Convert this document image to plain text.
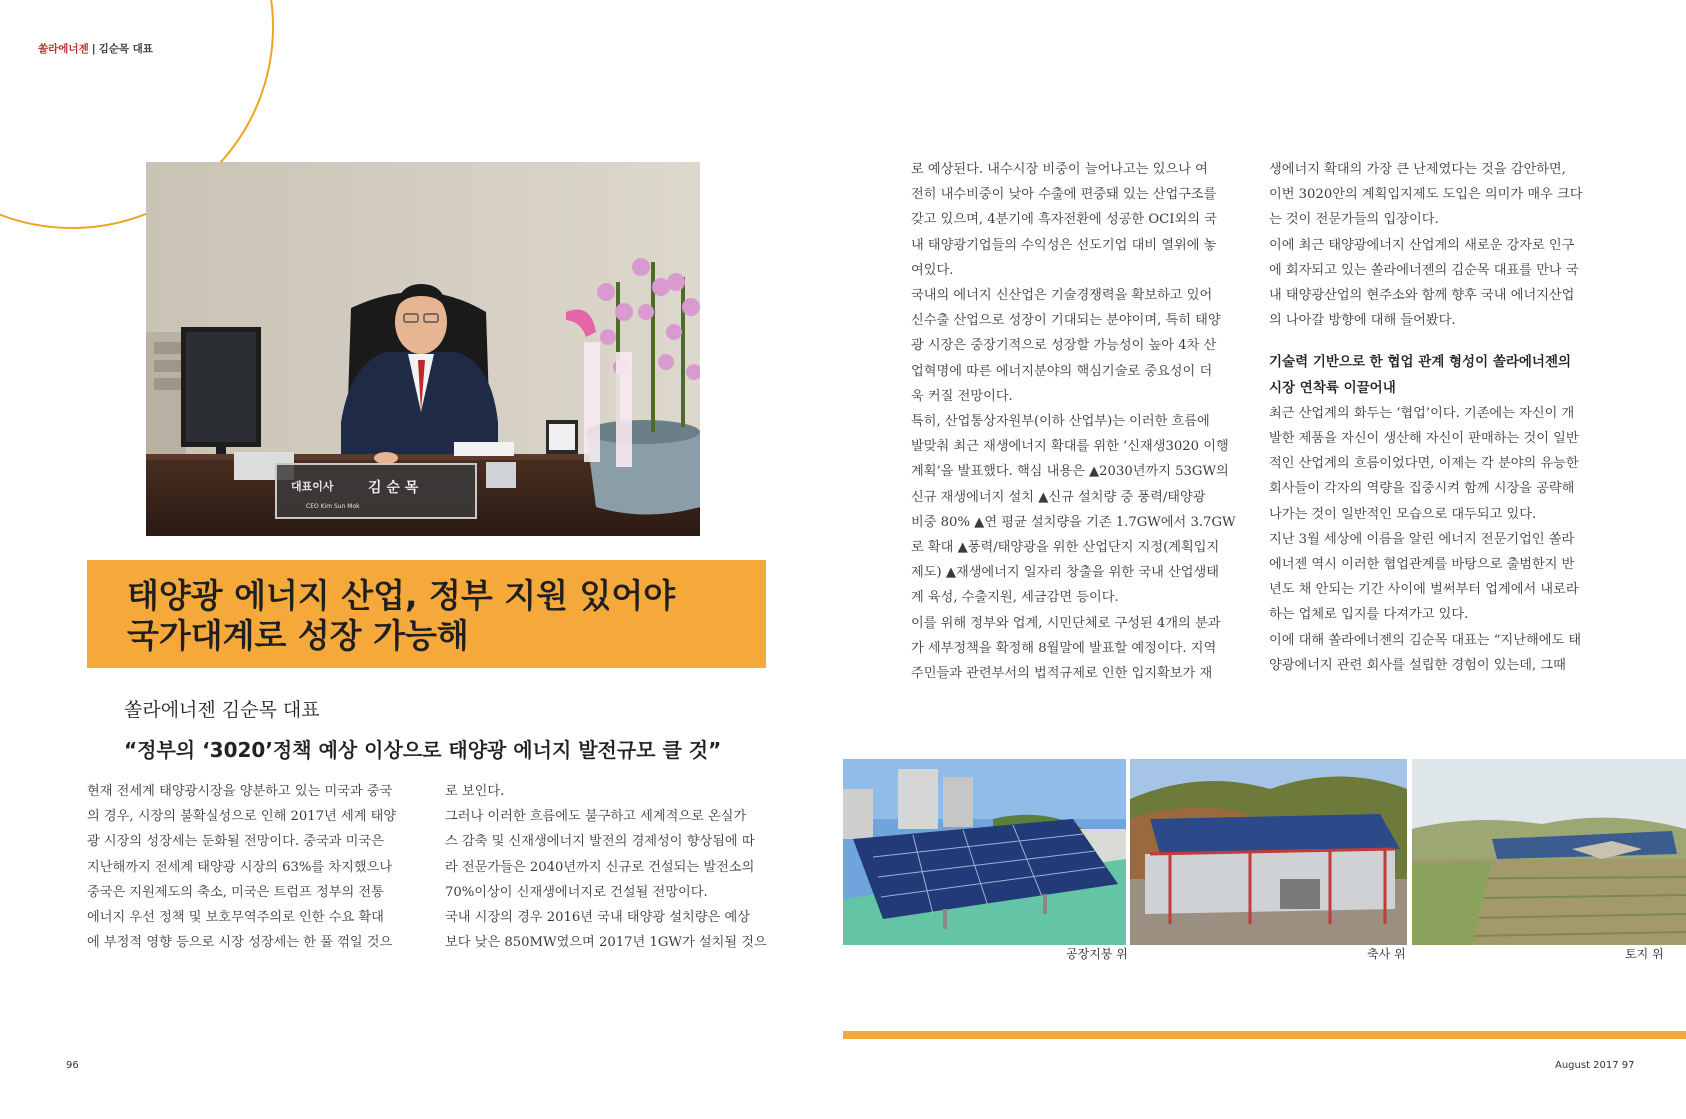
쏠라에너젠 | 김순목 대표
대표이사 김 순 목
CEO Kim Sun Mok
태양광 에너지 산업, 정부 지원 있어야
국가대계로 성장 가능해
쏠라에너젠 김순목 대표
“정부의 ‘3020’정책 예상 이상으로 태양광 에너지 발전규모 클 것”

현재 전세계 태양광시장을 양분하고 있는 미국과 중국

의 경우, 시장의 불확실성으로 인해 2017년 세계 태양

광 시장의 성장세는 둔화될 전망이다. 중국과 미국은

지난해까지 전세계 태양광 시장의 63%를 차지했으나

중국은 지원제도의 축소, 미국은 트럼프 정부의 전통

에너지 우선 정책 및 보호무역주의로 인한 수요 확대

에 부정적 영향 등으로 시장 성장세는 한 풀 꺾일 것으

로 보인다.

그러나 이러한 흐름에도 불구하고 세계적으로 온실가

스 감축 및 신재생에너지 발전의 경제성이 향상됨에 따

라 전문가들은 2040년까지 신규로 건설되는 발전소의

70%이상이 신재생에너지로 건설될 전망이다.

국내 시장의 경우 2016년 국내 태양광 설치량은 예상

보다 낮은 850MW였으며 2017년 1GW가 설치될 것으

로 예상된다. 내수시장 비중이 늘어나고는 있으나 여

전히 내수비중이 낮아 수출에 편중돼 있는 산업구조를

갖고 있으며, 4분기에 흑자전환에 성공한 OCI외의 국

내 태양광기업들의 수익성은 선도기업 대비 열위에 놓

여있다.

국내의 에너지 신산업은 기술경쟁력을 확보하고 있어

신수출 산업으로 성장이 기대되는 분야이며, 특히 태양

광 시장은 중장기적으로 성장할 가능성이 높아 4차 산

업혁명에 따른 에너지분야의 핵심기술로 중요성이 더

욱 커질 전망이다.

특히, 산업통상자원부(이하 산업부)는 이러한 흐름에

발맞춰 최근 재생에너지 확대를 위한 ‘신재생3020 이행

계획’을 발표했다. 핵심 내용은 ▲2030년까지 53GW의

신규 재생에너지 설치 ▲신규 설치량 중 풍력/태양광

비중 80% ▲연 평균 설치량을 기존 1.7GW에서 3.7GW

로 확대 ▲풍력/태양광을 위한 산업단지 지정(계획입지

제도) ▲재생에너지 일자리 창출을 위한 국내 산업생태

계 육성, 수출지원, 세금감면 등이다.

이를 위해 정부와 업계, 시민단체로 구성된 4개의 분과

가 세부정책을 확정해 8월말에 발표할 예정이다. 지역

주민들과 관련부서의 법적규제로 인한 입지확보가 재

생에너지 확대의 가장 큰 난제였다는 것을 감안하면,

이번 3020안의 계획입지제도 도입은 의미가 매우 크다

는 것이 전문가들의 입장이다.

이에 최근 태양광에너지 산업계의 새로운 강자로 인구

에 회자되고 있는 쏠라에너젠의 김순목 대표를 만나 국

내 태양광산업의 현주소와 함께 향후 국내 에너지산업

의 나아갈 방향에 대해 들어봤다.

기술력 기반으로 한 협업 관계 형성이 쏠라에너젠의
시장 연착륙 이끌어내

최근 산업계의 화두는 ‘협업’이다. 기존에는 자신이 개

발한 제품을 자신이 생산해 자신이 판매하는 것이 일반

적인 산업계의 흐름이었다면, 이제는 각 분야의 유능한

회사들이 각자의 역량을 집중시켜 함께 시장을 공략해

나가는 것이 일반적인 모습으로 대두되고 있다.

지난 3월 세상에 이름을 알린 에너지 전문기업인 쏠라

에너젠 역시 이러한 협업관계를 바탕으로 출범한지 반

년도 채 안되는 기간 사이에 벌써부터 업계에서 내로라

하는 업체로 입지를 다져가고 있다.

이에 대해 쏠라에너젠의 김순목 대표는 “지난해에도 태

양광에너지 관련 회사를 설립한 경험이 있는데, 그때

공장지붕 위	축사 위	토지 위
96	August 2017 97
